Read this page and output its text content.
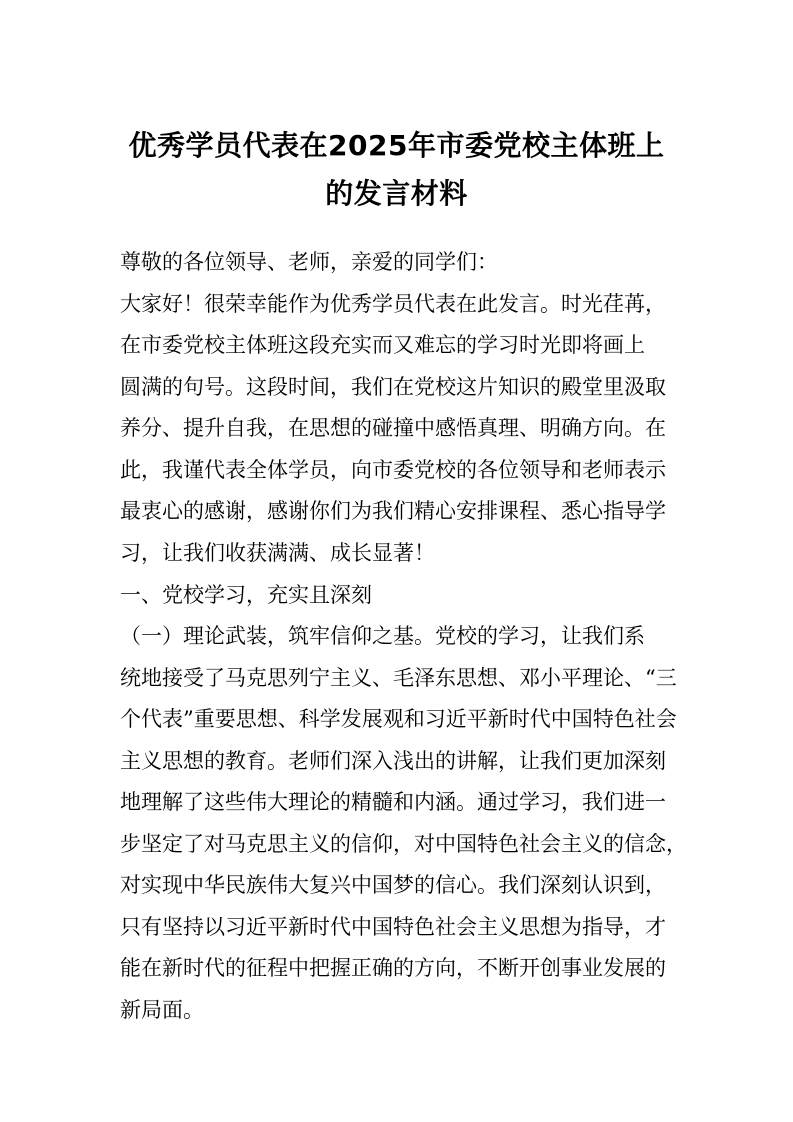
优秀学员代表在2025年市委党校主体班上
的发言材料

尊敬的各位领导、老师，亲爱的同学们：

大家好！很荣幸能作为优秀学员代表在此发言。时光荏苒，

在市委党校主体班这段充实而又难忘的学习时光即将画上

圆满的句号。这段时间，我们在党校这片知识的殿堂里汲取

养分、提升自我，在思想的碰撞中感悟真理、明确方向。在

此，我谨代表全体学员，向市委党校的各位领导和老师表示

最衷心的感谢，感谢你们为我们精心安排课程、悉心指导学

习，让我们收获满满、成长显著！

一、党校学习，充实且深刻

（一）理论武装，筑牢信仰之基。党校的学习，让我们系

统地接受了马克思列宁主义、毛泽东思想、邓小平理论、“三

个代表”重要思想、科学发展观和习近平新时代中国特色社会

主义思想的教育。老师们深入浅出的讲解，让我们更加深刻

地理解了这些伟大理论的精髓和内涵。通过学习，我们进一

步坚定了对马克思主义的信仰，对中国特色社会主义的信念，

对实现中华民族伟大复兴中国梦的信心。我们深刻认识到，

只有坚持以习近平新时代中国特色社会主义思想为指导，才

能在新时代的征程中把握正确的方向，不断开创事业发展的

新局面。
